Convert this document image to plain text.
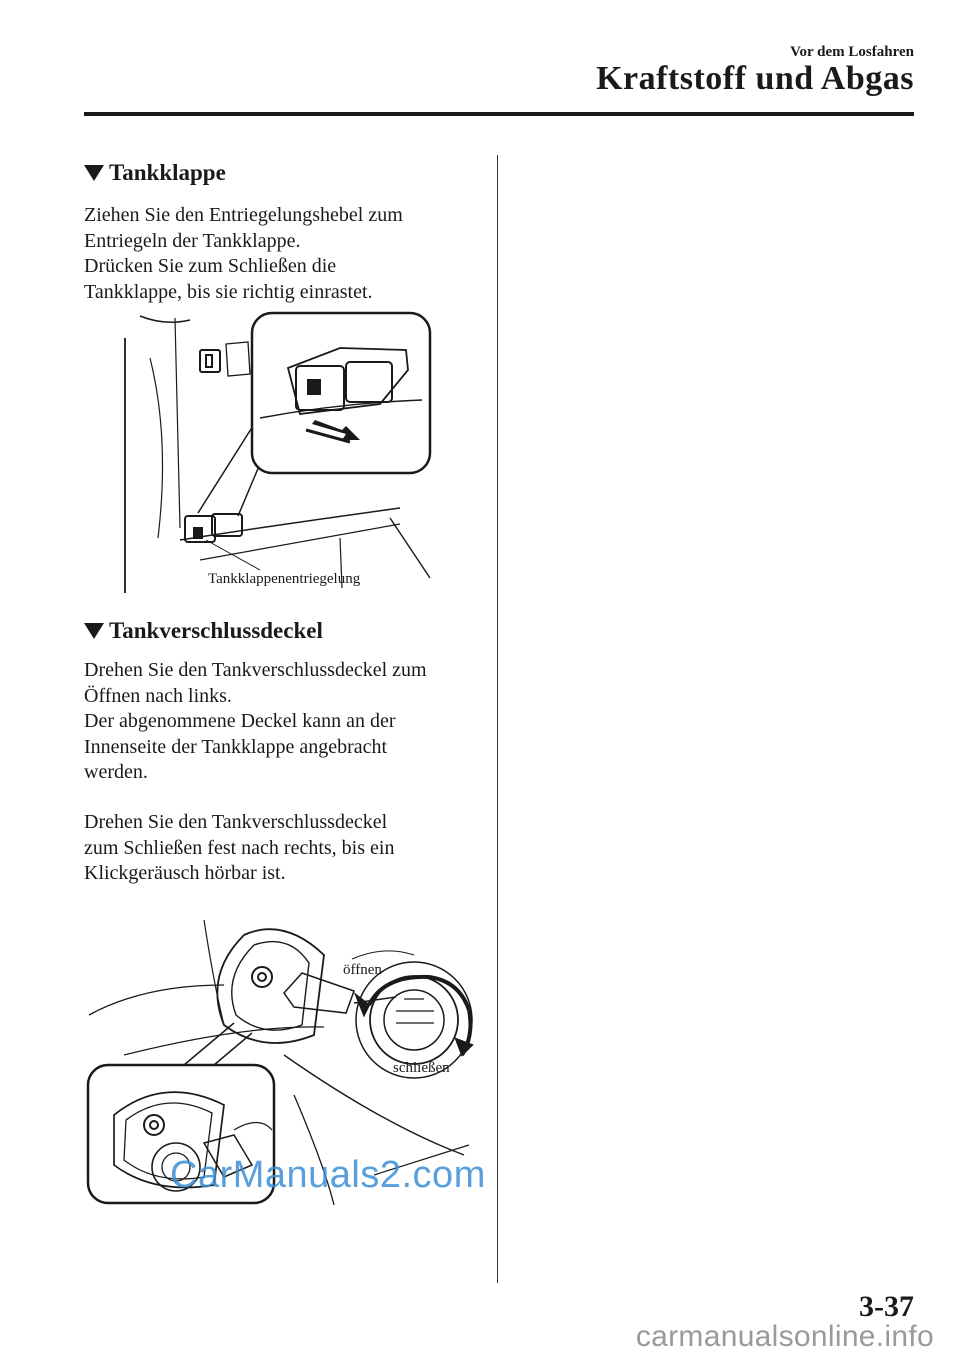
Vor dem Losfahren
Kraftstoff und Abgas
Tankklappe

Ziehen Sie den Entriegelungshebel zum
Entriegeln der Tankklappe.
Drücken Sie zum Schließen die
Tankklappe, bis sie richtig einrastet.

Tankklappenentriegelung
Tankverschlussdeckel

Drehen Sie den Tankverschlussdeckel zum
Öffnen nach links.
Der abgenommene Deckel kann an der
Innenseite der Tankklappe angebracht
werden.

Drehen Sie den Tankverschlussdeckel
zum Schließen fest nach rechts, bis ein
Klickgeräusch hörbar ist.

öffnen
schließen
CarManuals2.com
3-37
carmanualsonline.info
